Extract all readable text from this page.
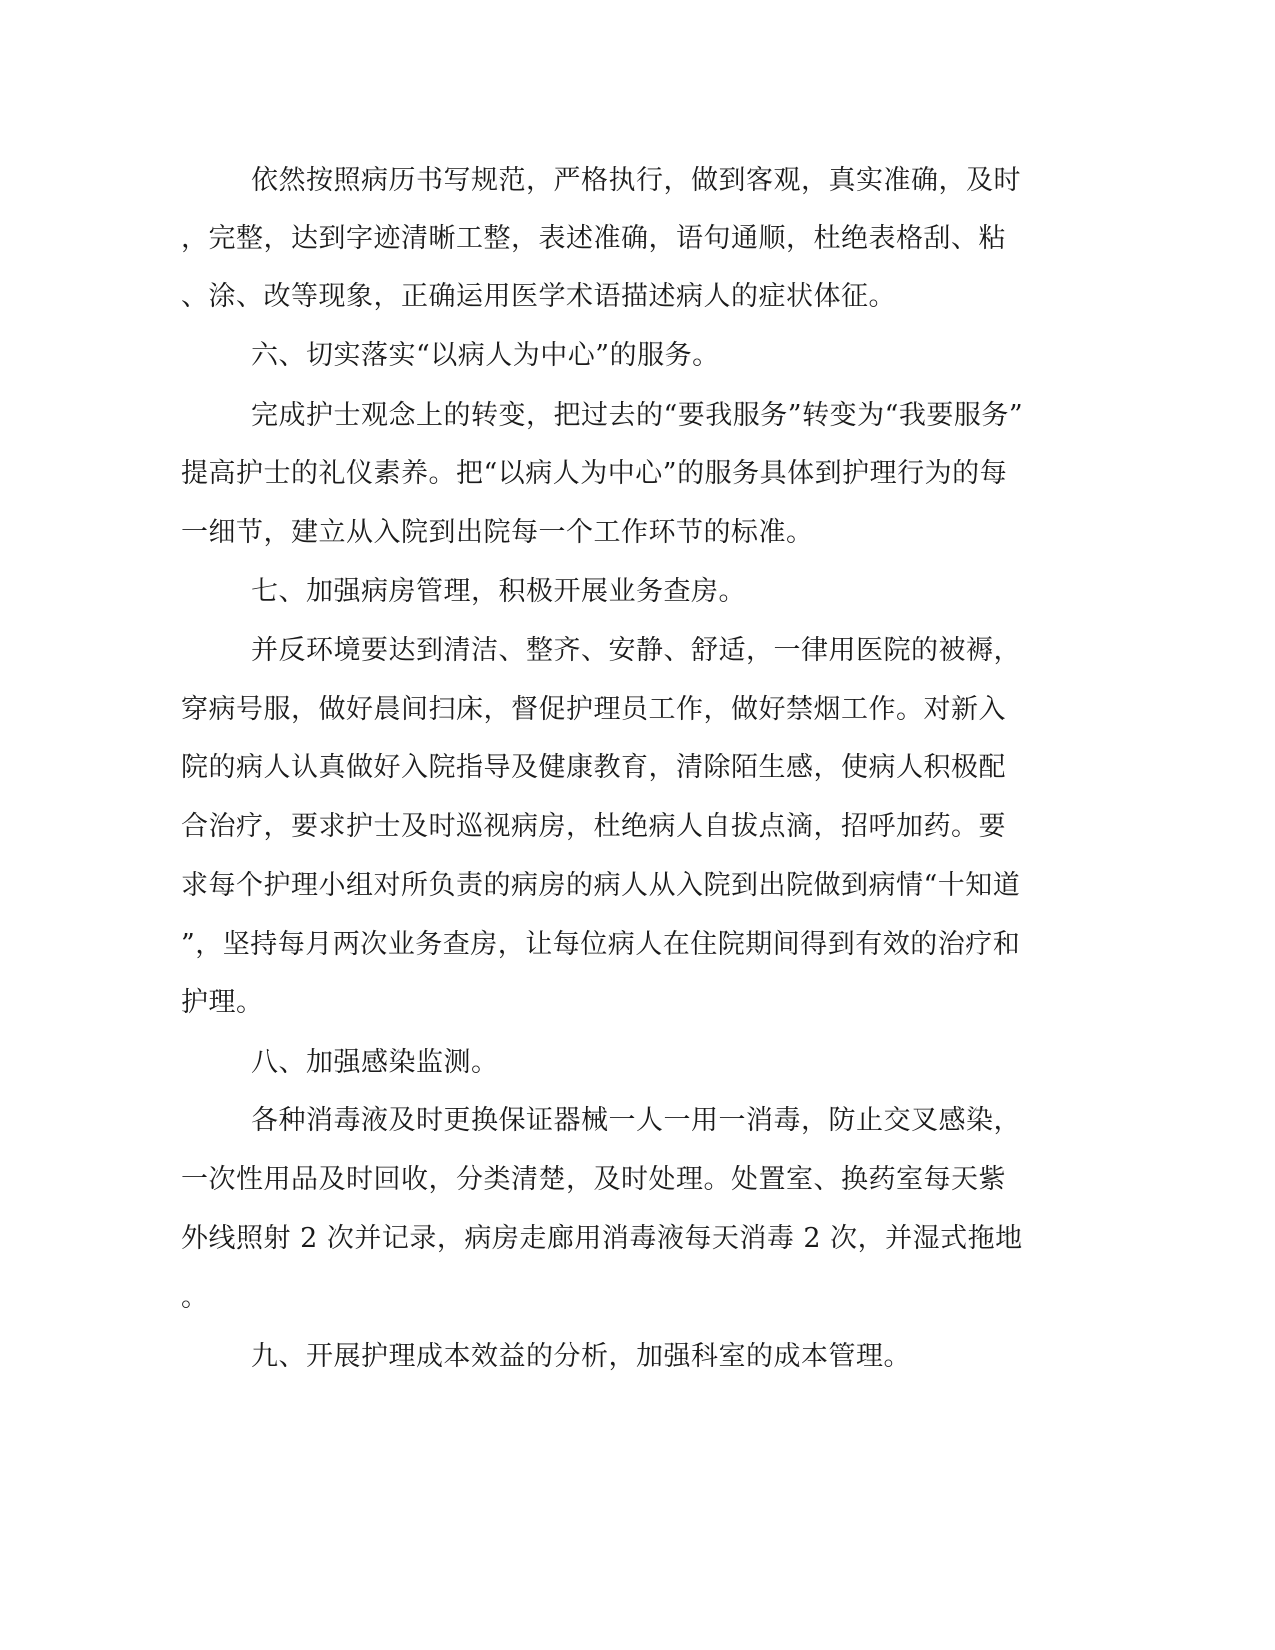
依然按照病历书写规范，严格执行，做到客观，真实准确，及时
，完整，达到字迹清晰工整，表述准确，语句通顺，杜绝表格刮、粘
、涂、改等现象，正确运用医学术语描述病人的症状体征。
六、切实落实“以病人为中心”的服务。
完成护士观念上的转变，把过去的“要我服务”转变为“我要服务”
提高护士的礼仪素养。把“以病人为中心”的服务具体到护理行为的每
一细节，建立从入院到出院每一个工作环节的标准。
七、加强病房管理，积极开展业务查房。
并反环境要达到清洁、整齐、安静、舒适，一律用医院的被褥，
穿病号服，做好晨间扫床，督促护理员工作，做好禁烟工作。对新入
院的病人认真做好入院指导及健康教育，清除陌生感，使病人积极配
合治疗，要求护士及时巡视病房，杜绝病人自拔点滴，招呼加药。要
求每个护理小组对所负责的病房的病人从入院到出院做到病情“十知道
”，坚持每月两次业务查房，让每位病人在住院期间得到有效的治疗和
护理。
八、加强感染监测。
各种消毒液及时更换保证器械一人一用一消毒，防止交叉感染，
一次性用品及时回收，分类清楚，及时处理。处置室、换药室每天紫
外线照射 2 次并记录，病房走廊用消毒液每天消毒 2 次，并湿式拖地
。
九、开展护理成本效益的分析，加强科室的成本管理。
